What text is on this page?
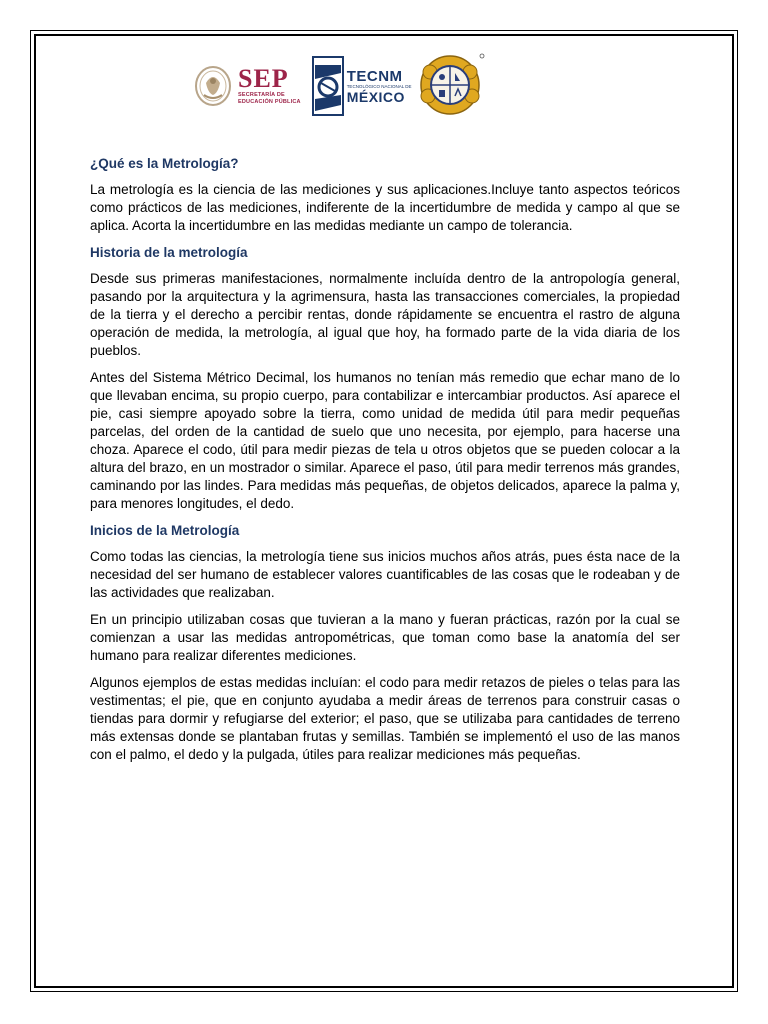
SEP
SECRETARÍA DE
EDUCACIÓN PÚBLICA
TECNM
TECNOLÓGICO NACIONAL DE
MÉXICO
¿Qué es la Metrología?

La metrología es la ciencia de las mediciones y sus aplicaciones.Incluye tanto aspectos teóricos como prácticos de las mediciones, indiferente de la incertidumbre de medida y campo al que se aplica. Acorta la incertidumbre en las medidas mediante un campo de tolerancia.

Historia de la metrología

Desde sus primeras manifestaciones, normalmente incluída dentro de la antropología general, pasando por la arquitectura y la agrimensura, hasta las transacciones comerciales, la propiedad de la tierra y el derecho a percibir rentas, donde rápidamente se encuentra el rastro de alguna operación de medida, la metrología, al igual que hoy, ha formado parte de la vida diaria de los pueblos.

Antes del Sistema Métrico Decimal, los humanos no tenían más remedio que echar mano de lo que llevaban encima, su propio cuerpo, para contabilizar e intercambiar productos. Así aparece el pie, casi siempre apoyado sobre la tierra, como unidad de medida útil para medir pequeñas parcelas, del orden de la cantidad de suelo que uno necesita, por ejemplo, para hacerse una choza. Aparece el codo, útil para medir piezas de tela u otros objetos que se pueden colocar a la altura del brazo, en un mostrador o similar. Aparece el paso, útil para medir terrenos más grandes, caminando por las lindes. Para medidas más pequeñas, de objetos delicados, aparece la palma y, para menores longitudes, el dedo.

Inicios de la Metrología

Como todas las ciencias, la metrología tiene sus inicios muchos años atrás, pues ésta nace de la necesidad del ser humano de establecer valores cuantificables de las cosas que le rodeaban y de las actividades que realizaban.

En un principio utilizaban cosas que tuvieran a la mano y fueran prácticas, razón por la cual se comienzan a usar las medidas antropométricas, que toman como base la anatomía del ser humano para realizar diferentes mediciones.

Algunos ejemplos de estas medidas incluían: el codo para medir retazos de pieles o telas para las vestimentas; el pie, que en conjunto ayudaba a medir áreas de terrenos para construir casas o tiendas para dormir y refugiarse del exterior; el paso, que se utilizaba para cantidades de terreno más extensas donde se plantaban frutas y semillas. También se implementó el uso de las manos con el palmo, el dedo y la pulgada, útiles para realizar mediciones más pequeñas.
